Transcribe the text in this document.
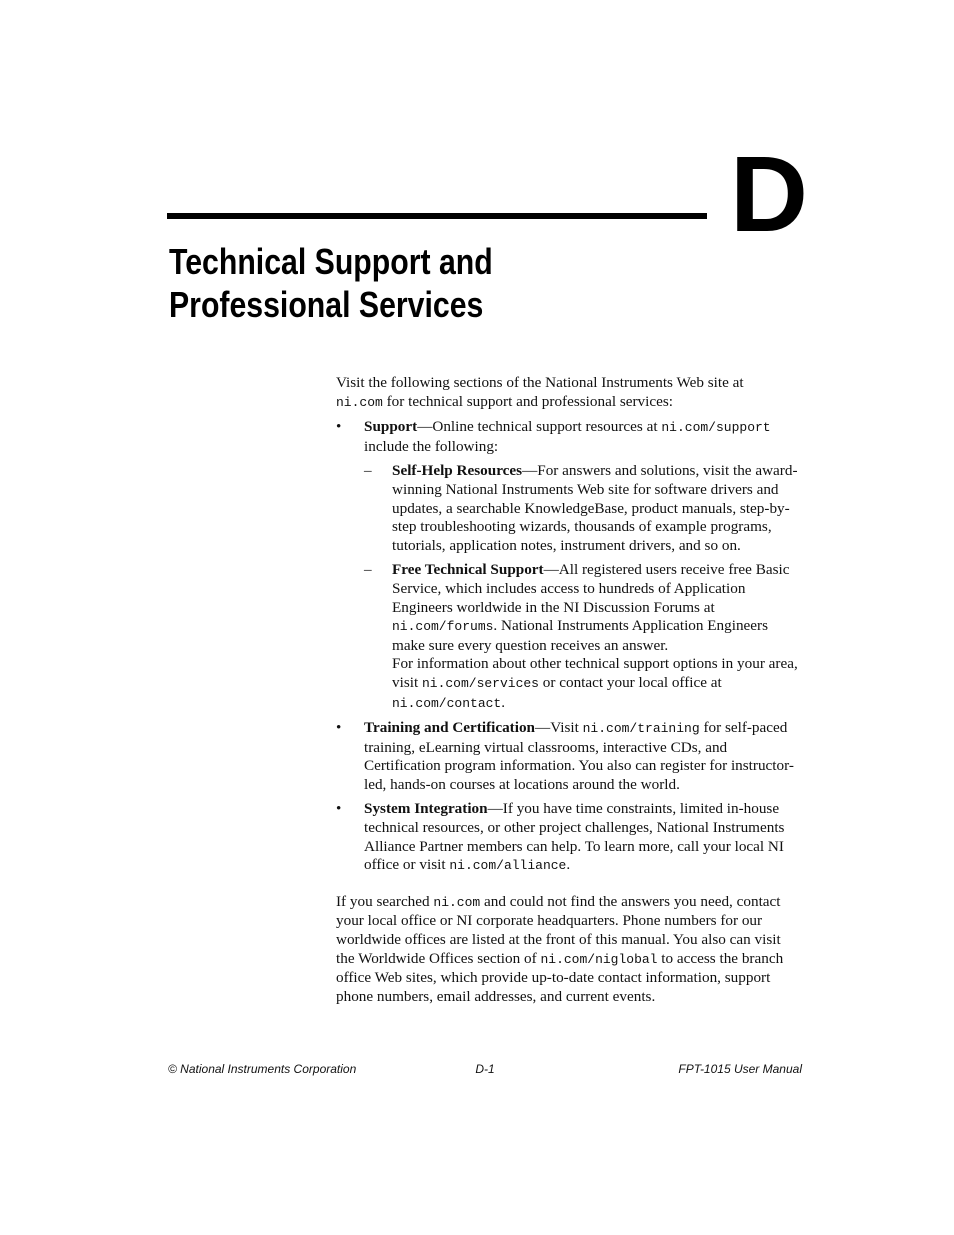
D
Technical Support and
Professional Services

Visit the following sections of the National Instruments Web site at
ni.com for technical support and professional services:

• Support—Online technical support resources at ni.com/support
include the following:

– Self-Help Resources—For answers and solutions, visit the award-winning National Instruments Web site for software drivers and updates, a searchable KnowledgeBase, product manuals, step-by-step troubleshooting wizards, thousands of example programs, tutorials, application notes, instrument drivers, and so on.

– Free Technical Support—All registered users receive free Basic Service, which includes access to hundreds of Application Engineers worldwide in the NI Discussion Forums at ni.com/forums. National Instruments Application Engineers make sure every question receives an answer.

For information about other technical support options in your area, visit ni.com/services or contact your local office at ni.com/contact.

• Training and Certification—Visit ni.com/training for self-paced training, eLearning virtual classrooms, interactive CDs, and Certification program information. You also can register for instructor-led, hands-on courses at locations around the world.

• System Integration—If you have time constraints, limited in-house technical resources, or other project challenges, National Instruments Alliance Partner members can help. To learn more, call your local NI office or visit ni.com/alliance.

If you searched ni.com and could not find the answers you need, contact your local office or NI corporate headquarters. Phone numbers for our worldwide offices are listed at the front of this manual. You also can visit the Worldwide Offices section of ni.com/niglobal to access the branch office Web sites, which provide up-to-date contact information, support phone numbers, email addresses, and current events.

© National Instruments Corporation	D-1	FPT-1015 User Manual
